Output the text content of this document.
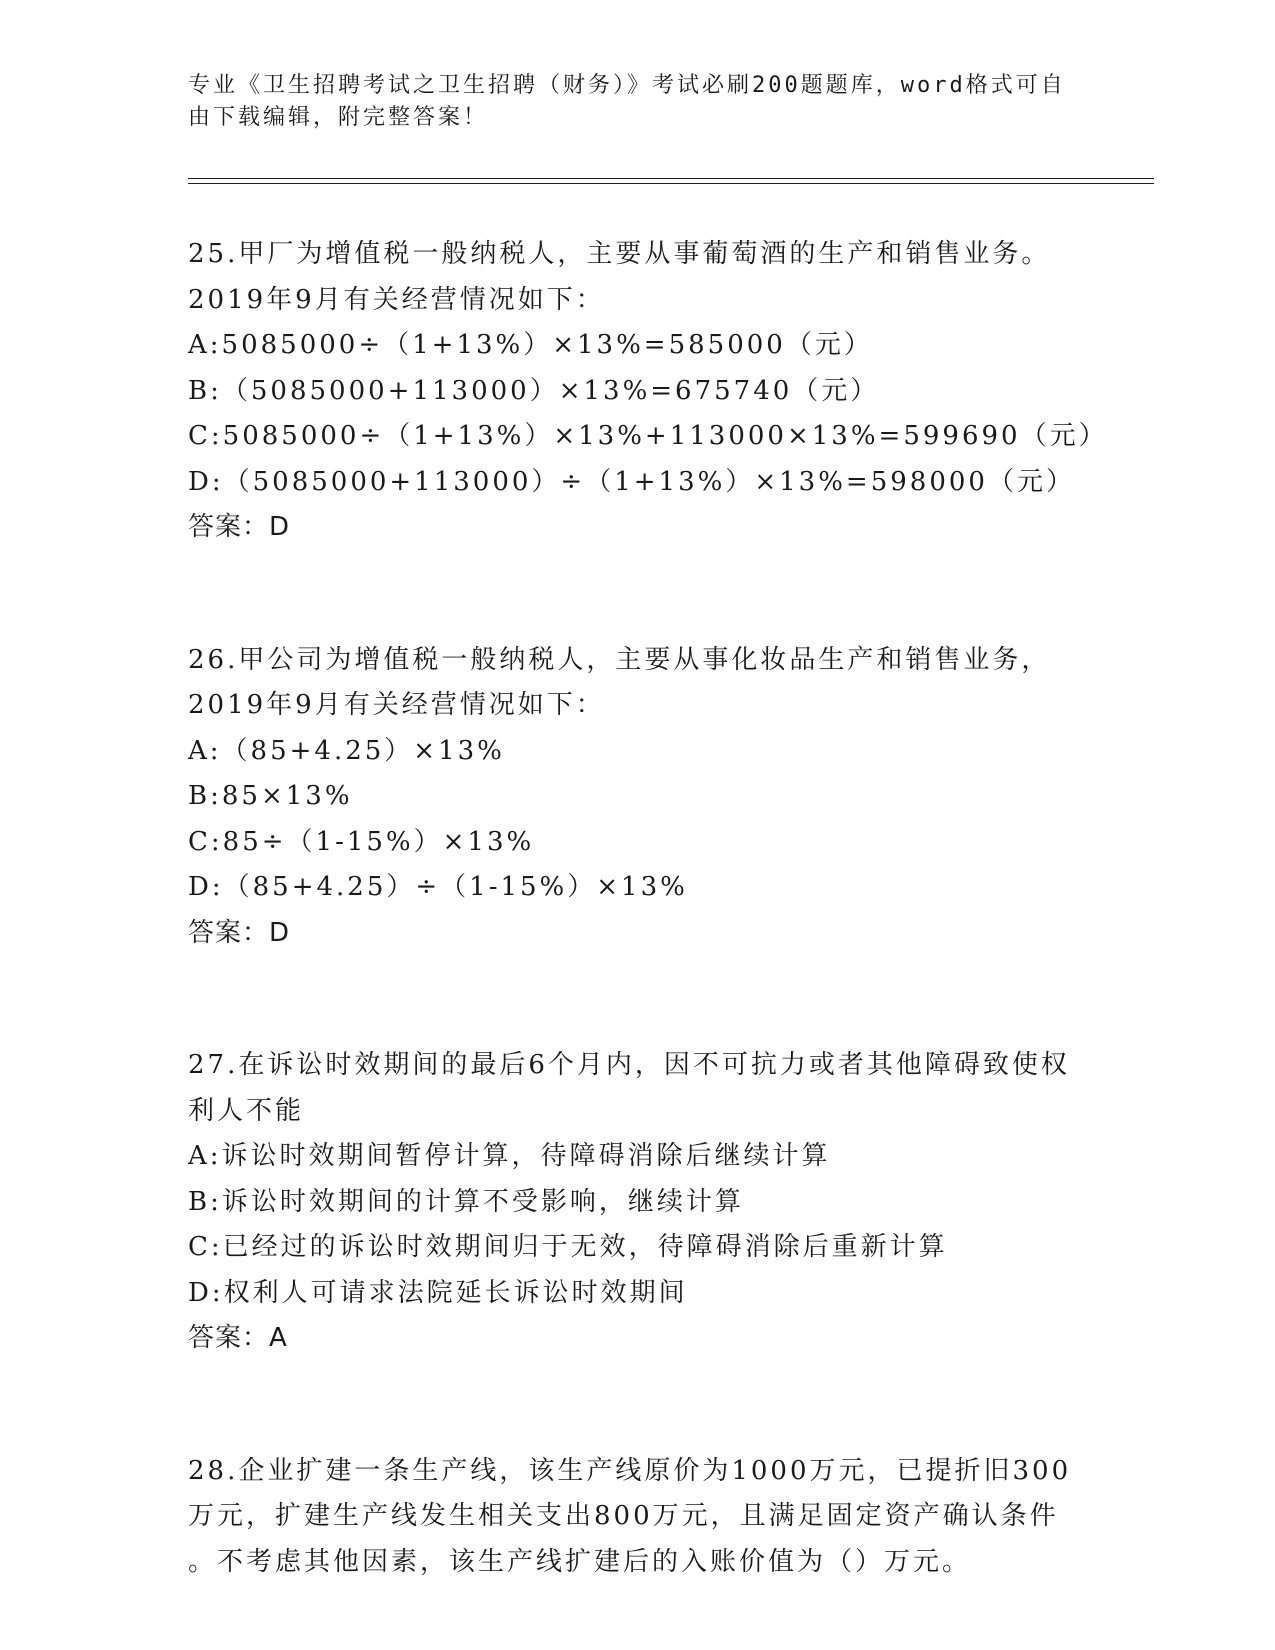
专业《卫生招聘考试之卫生招聘（财务）》考试必刷200题题库，word格式可自
由下载编辑，附完整答案！
25.甲厂为增值税一般纳税人，主要从事葡萄酒的生产和销售业务。
2019年9月有关经营情况如下：
A:5085000÷（1+13%）×13%=585000（元）
B:（5085000+113000）×13%=675740（元）
C:5085000÷（1+13%）×13%+113000×13%=599690（元）
D:（5085000+113000）÷（1+13%）×13%=598000（元）
答案：D
26.甲公司为增值税一般纳税人，主要从事化妆品生产和销售业务，
2019年9月有关经营情况如下：
A:（85+4.25）×13%
B:85×13%
C:85÷（1-15%）×13%
D:（85+4.25）÷（1-15%）×13%
答案：D
27.在诉讼时效期间的最后6个月内，因不可抗力或者其他障碍致使权
利人不能
A:诉讼时效期间暂停计算，待障碍消除后继续计算
B:诉讼时效期间的计算不受影响，继续计算
C:已经过的诉讼时效期间归于无效，待障碍消除后重新计算
D:权利人可请求法院延长诉讼时效期间
答案：A
28.企业扩建一条生产线，该生产线原价为1000万元，已提折旧300
万元，扩建生产线发生相关支出800万元，且满足固定资产确认条件
。不考虑其他因素，该生产线扩建后的入账价值为（）万元。
